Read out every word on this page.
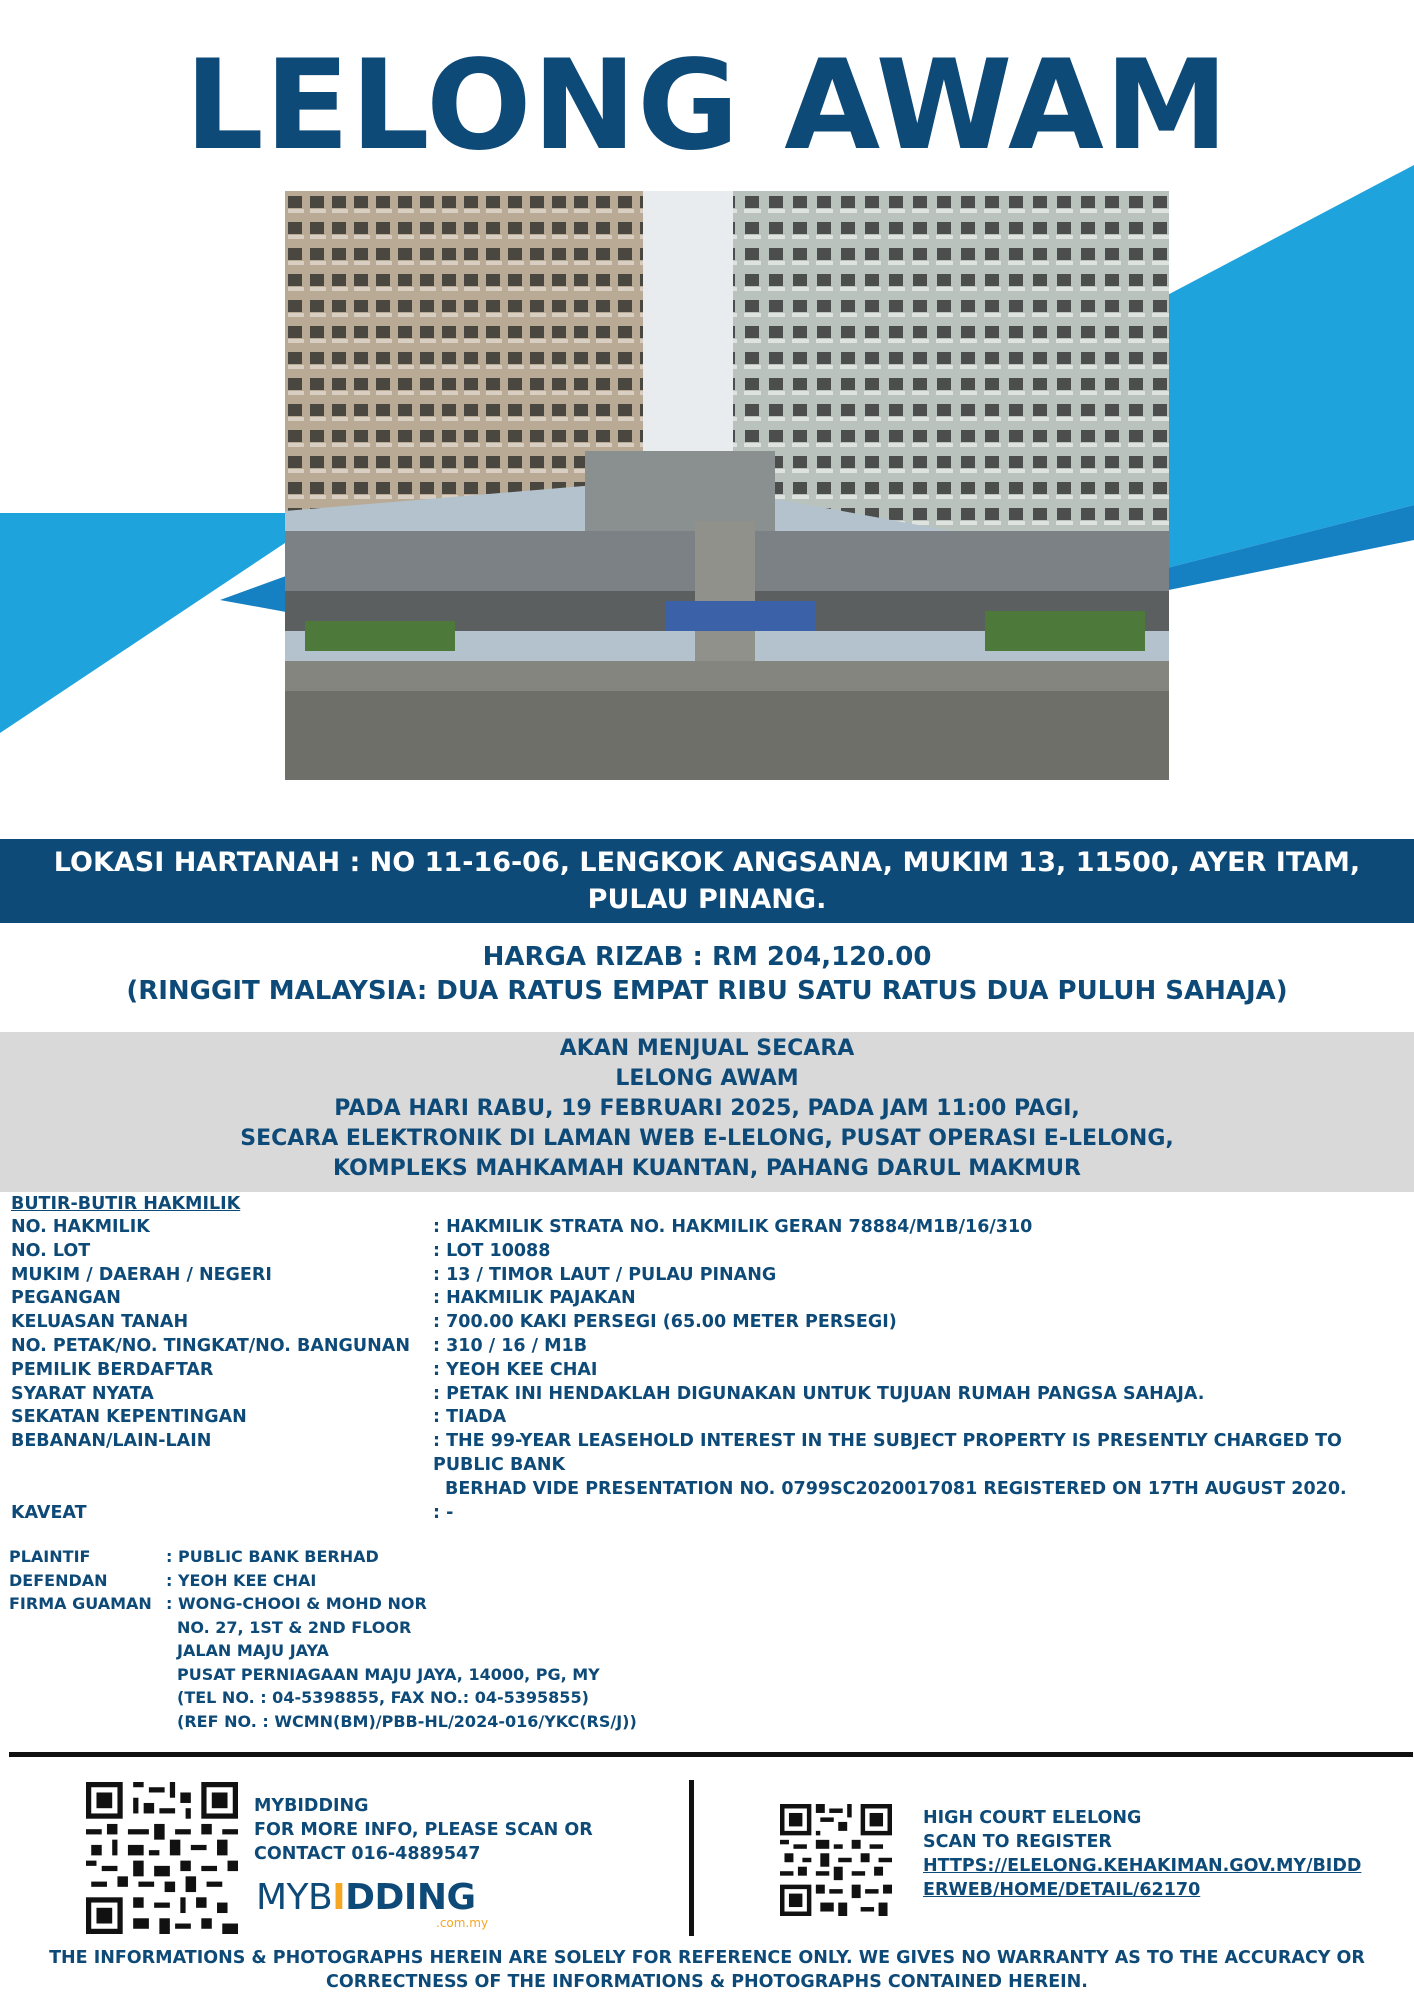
LELONG AWAM
LOKASI HARTANAH : NO 11-16-06, LENGKOK ANGSANA, MUKIM 13, 11500, AYER ITAM,
PULAU PINANG.
HARGA RIZAB : RM 204,120.00
(RINGGIT MALAYSIA: DUA RATUS EMPAT RIBU SATU RATUS DUA PULUH SAHAJA)
AKAN MENJUAL SECARA
LELONG AWAM
PADA HARI RABU, 19 FEBRUARI 2025, PADA JAM 11:00 PAGI,
SECARA ELEKTRONIK DI LAMAN WEB E-LELONG, PUSAT OPERASI E-LELONG,
KOMPLEKS MAHKAMAH KUANTAN, PAHANG DARUL MAKMUR
BUTIR-BUTIR HAKMILIK
NO. HAKMILIK	: HAKMILIK STRATA NO. HAKMILIK GERAN 78884/M1B/16/310
NO. LOT	: LOT 10088
MUKIM / DAERAH / NEGERI	: 13 / TIMOR LAUT / PULAU PINANG
PEGANGAN	: HAKMILIK PAJAKAN
KELUASAN TANAH	: 700.00 KAKI PERSEGI (65.00 METER PERSEGI)
NO. PETAK/NO. TINGKAT/NO. BANGUNAN	: 310 / 16 / M1B
PEMILIK BERDAFTAR	: YEOH KEE CHAI
SYARAT NYATA	: PETAK INI HENDAKLAH DIGUNAKAN UNTUK TUJUAN RUMAH PANGSA SAHAJA.
SEKATAN KEPENTINGAN	: TIADA
BEBANAN/LAIN-LAIN	: THE 99-YEAR LEASEHOLD INTEREST IN THE SUBJECT PROPERTY IS PRESENTLY CHARGED TO PUBLIC BANK
BERHAD VIDE PRESENTATION NO. 0799SC2020017081 REGISTERED ON 17TH AUGUST 2020.
KAVEAT	: -
PLAINTIF	: PUBLIC BANK BERHAD
DEFENDAN	: YEOH KEE CHAI
FIRMA GUAMAN : WONG-CHOOI & MOHD NOR
NO. 27, 1ST & 2ND FLOOR
JALAN MAJU JAYA
PUSAT PERNIAGAAN MAJU JAYA, 14000, PG, MY
(TEL NO. : 04-5398855, FAX NO.: 04-5395855)
(REF NO. : WCMN(BM)/PBB-HL/2024-016/YKC(RS/J))
MYBIDDING
FOR MORE INFO, PLEASE SCAN OR
CONTACT 016-4889547
MYBIDDING
.com.my
HIGH COURT ELELONG
SCAN TO REGISTER
HTTPS://ELELONG.KEHAKIMAN.GOV.MY/BIDD
ERWEB/HOME/DETAIL/62170
THE INFORMATIONS & PHOTOGRAPHS HEREIN ARE SOLELY FOR REFERENCE ONLY. WE GIVES NO WARRANTY AS TO THE ACCURACY OR
CORRECTNESS OF THE INFORMATIONS & PHOTOGRAPHS CONTAINED HEREIN.
